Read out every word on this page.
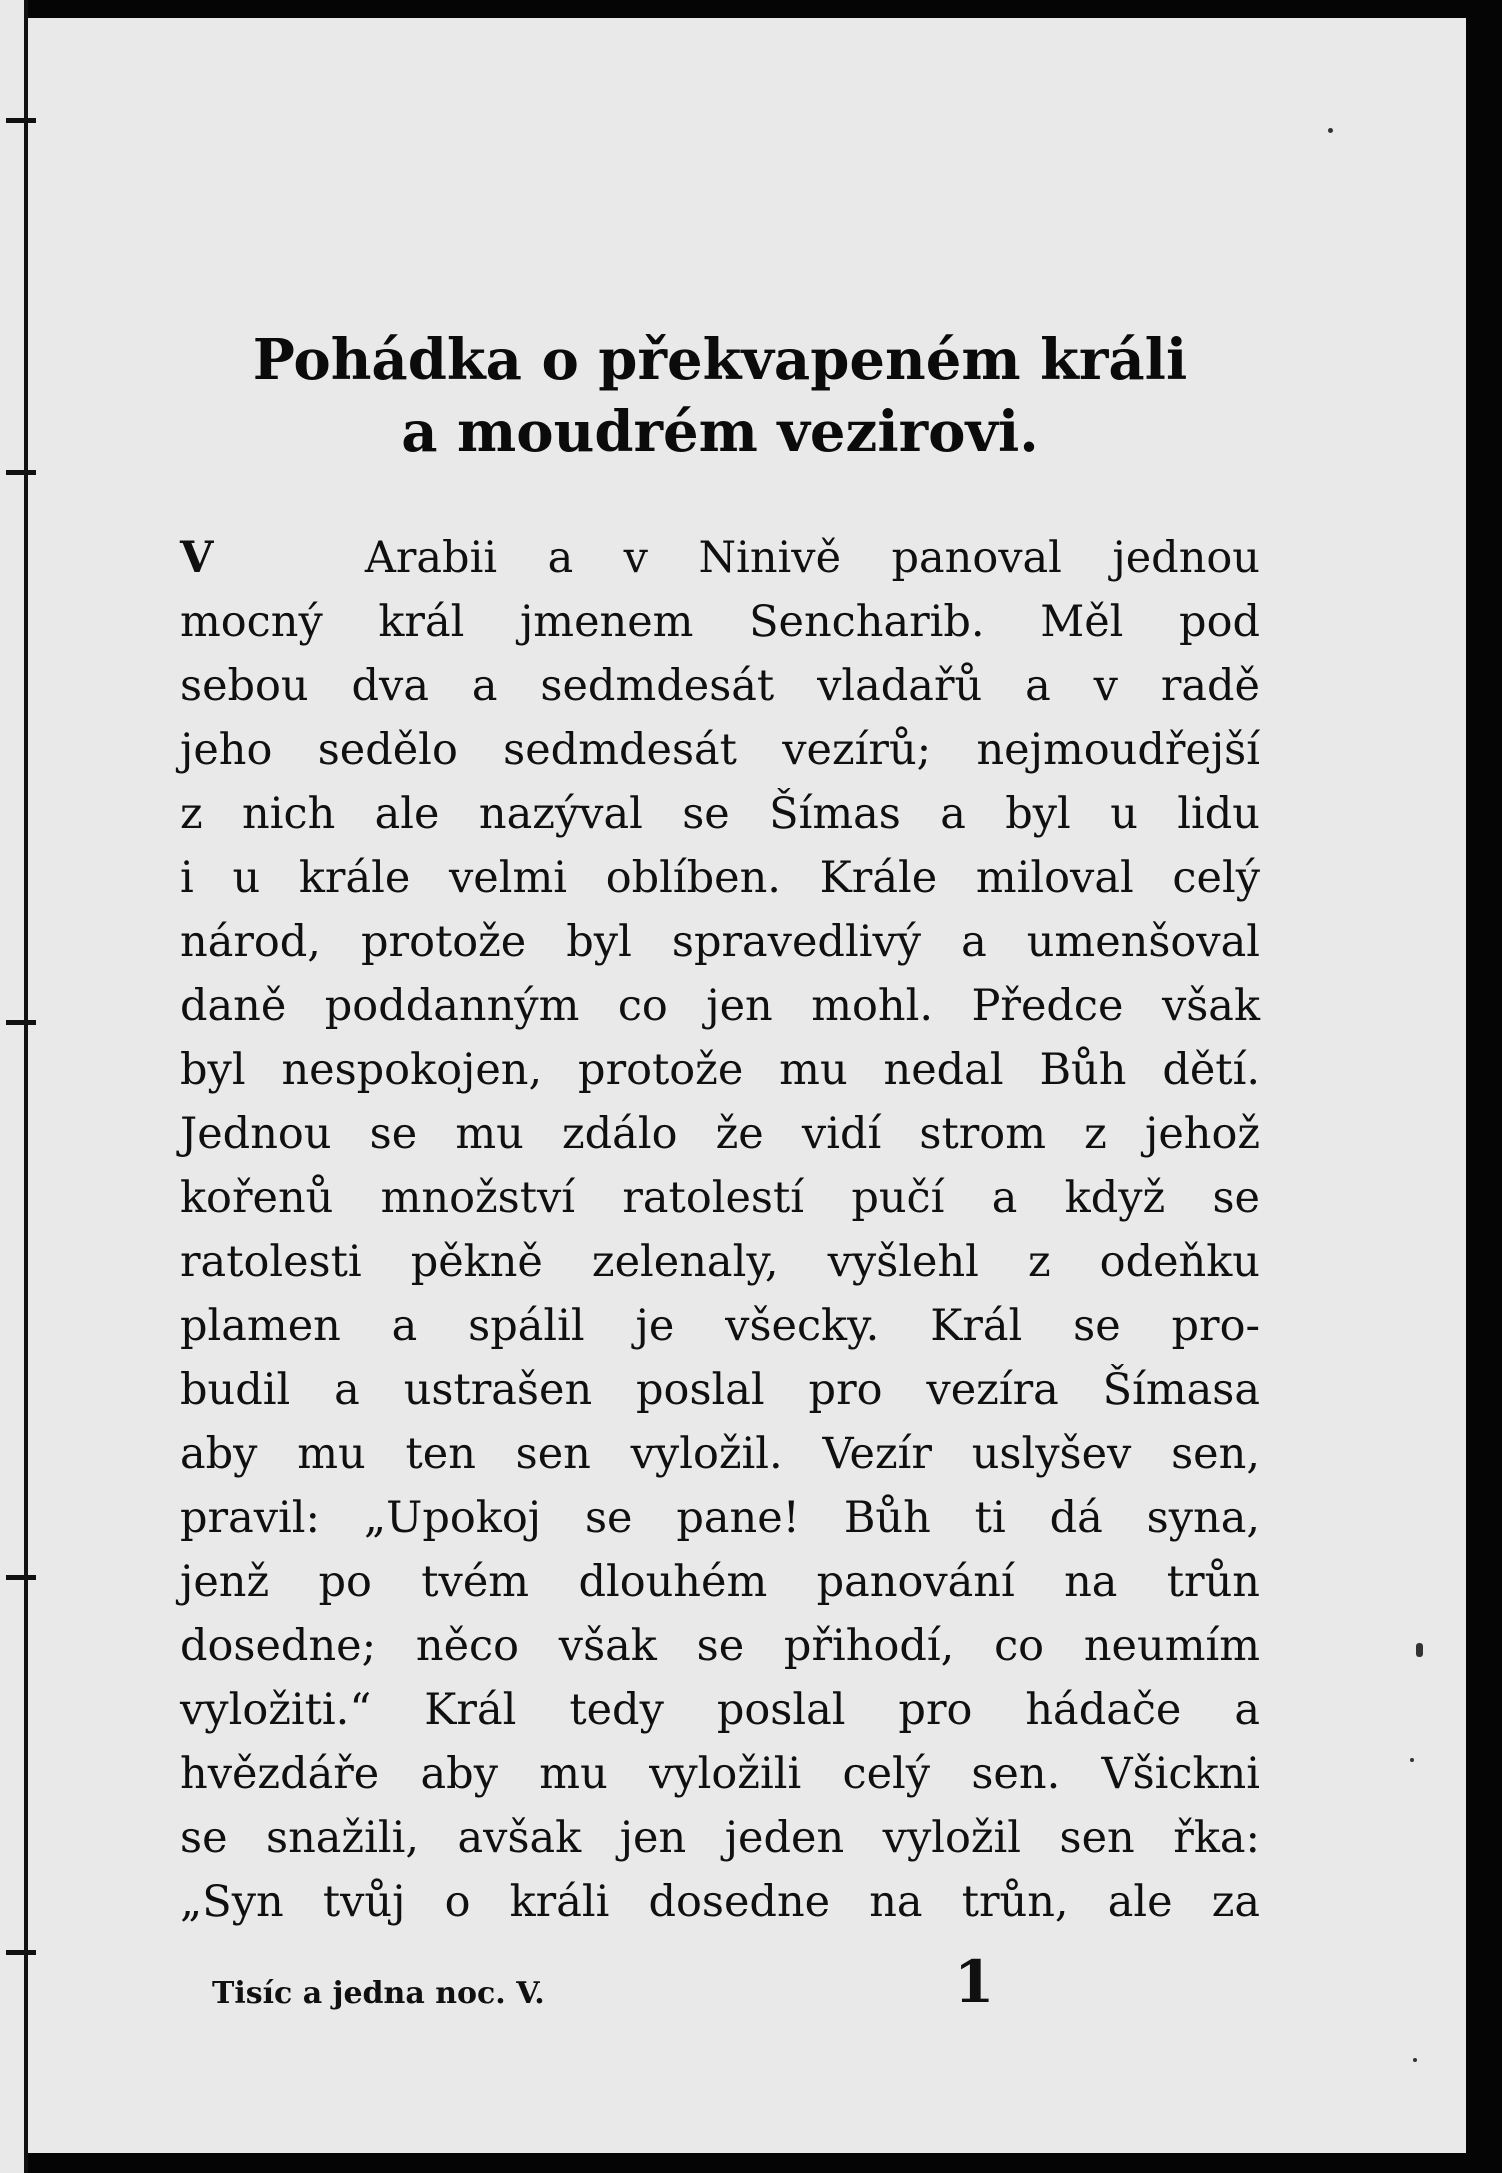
Pohádka o překvapeném králi
a moudrém vezirovi.
V	Arabii a v Ninivě panoval jednou
mocný král jmenem Sencharib. Měl pod
sebou dva a sedmdesát vladařů a v radě
jeho sedělo sedmdesát vezírů; nejmoudřejší
z nich ale nazýval se Šímas a byl u lidu
i u krále velmi oblíben. Krále miloval celý
národ, protože byl spravedlivý a umenšoval
daně poddanným co jen mohl. Předce však
byl nespokojen, protože mu nedal Bůh dětí.
Jednou se mu zdálo že vidí strom z jehož
kořenů množství ratolestí pučí a když se
ratolesti pěkně zelenaly, vyšlehl z odeňku
plamen a spálil je všecky. Král se pro-
budil a ustrašen poslal pro vezíra Šímasa
aby mu ten sen vyložil. Vezír uslyšev sen,
pravil: „Upokoj se pane! Bůh ti dá syna,
jenž po tvém dlouhém panování na trůn
dosedne; něco však se přihodí, co neumím
vyložiti.“ Král tedy poslal pro hádače a
hvězdáře aby mu vyložili celý sen. Všickni
se snažili, avšak jen jeden vyložil sen řka:
„Syn tvůj o králi dosedne na trůn, ale za
Tisíc a jedna noc. V.	1
